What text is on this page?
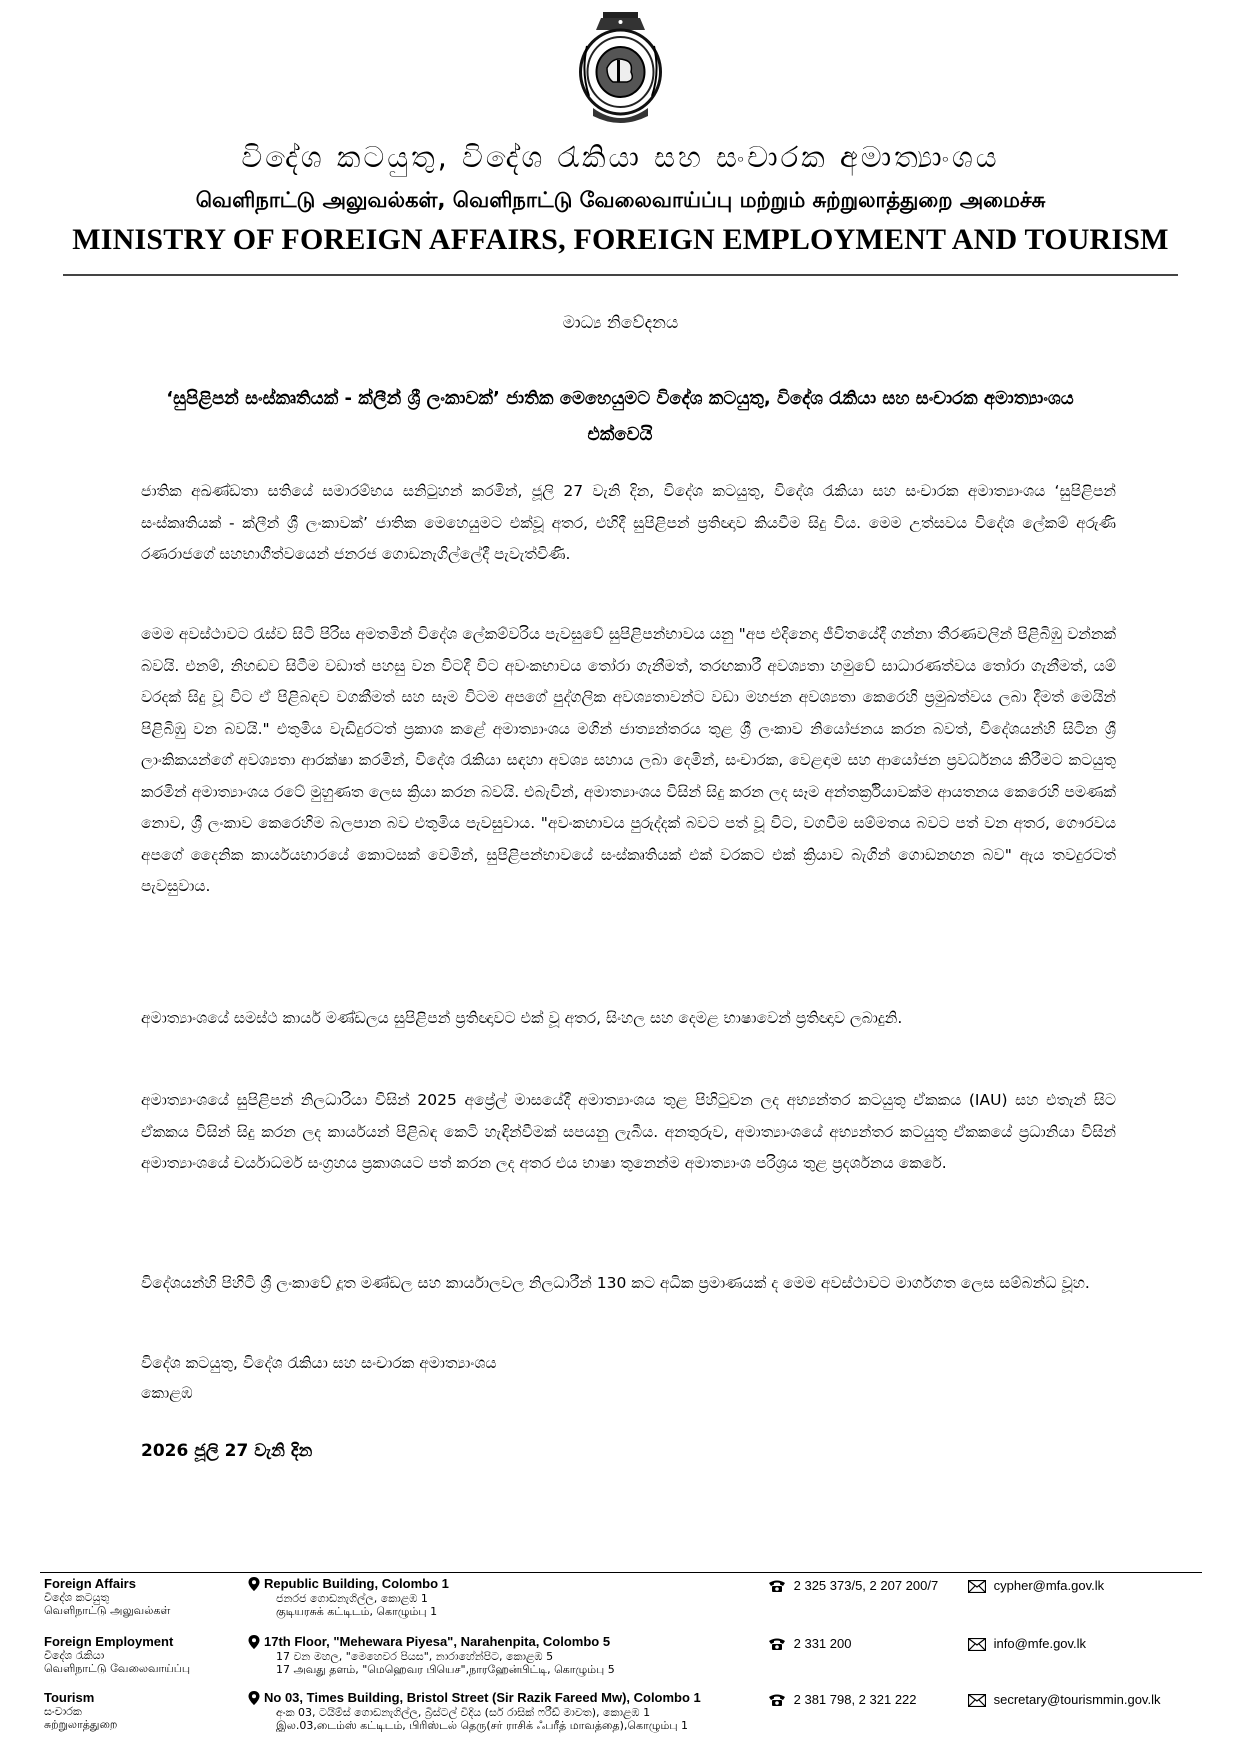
විදේශ කටයුතු, විදේශ රැකියා සහ සංචාරක අමාත්‍යාංශය
வெளிநாட்டு அலுவல்கள், வெளிநாட்டு வேலைவாய்ப்பு மற்றும் சுற்றுலாத்துறை அமைச்சு
MINISTRY OF FOREIGN AFFAIRS, FOREIGN EMPLOYMENT AND TOURISM
මාධ්‍ය නිවේදනය
‘සුපිළිපන් සංස්කෘතියක් - ක්ලීන් ශ්‍රී ලංකාවක්’ ජාතික මෙහෙයුමට විදේශ කටයුතු, විදේශ රැකියා සහ සංචාරක අමාත්‍යාංශය එක්වෙයි
ජාතික අඛණ්ඩතා සතියේ සමාරම්භය සනිටුහන් කරමින්, ජූලි 27 වැනි දින, විදේශ කටයුතු, විදේශ රැකියා සහ සංචාරක අමාත්‍යාංශය ‘සුපිළිපන් සංස්කෘතියක් - ක්ලීන් ශ්‍රී ලංකාවක්’ ජාතික මෙහෙයුමට එක්වූ අතර, එහිදී සුපිළිපන් ප්‍රතිඥාව කියවීම සිදු විය. මෙම උත්සවය විදේශ ලේකම් අරුණි රණරාජගේ සහභාගීත්වයෙන් ජනරජ ගොඩනැගිල්ලේදී පැවැත්විණි.
මෙම අවස්ථාවට රැස්ව සිටි පිරිස අමතමින් විදේශ ලේකම්වරිය පැවසුවේ සුපිළිපන්භාවය යනු "අප එදිනෙදා ජීවිතයේදී ගන්නා තීරණවලින් පිළිබිඹු වන්නක් බවයි. එනම්, නිහඬව සිටීම වඩාත් පහසු වන විටදී විට අවංකභාවය තෝරා ගැනීමත්, තරඟකාරී අවශ්‍යතා හමුවේ සාධාරණත්වය තෝරා ගැනීමත්, යම් වරදක් සිදු වූ විට ඒ පිළිබඳව වගකීමත් සහ සෑම විටම අපගේ පුද්ගලික අවශ්‍යතාවන්ට වඩා මහජන අවශ්‍යතා කෙරෙහි ප්‍රමුඛත්වය ලබා දීමත් මෙයින් පිළිබිඹු වන බවයි." එතුමිය වැඩිදුරටත් ප්‍රකාශ කළේ අමාත්‍යාංශය මගින් ජාත්‍යන්තරය තුළ ශ්‍රී ලංකාව නියෝජනය කරන බවත්, විදේශයන්හි සිටින ශ්‍රී ලාංකිකයන්ගේ අවශ්‍යතා ආරක්ෂා කරමින්, විදේශ රැකියා සඳහා අවශ්‍ය සහාය ලබා දෙමින්, සංචාරක, වෙළඳාම සහ ආයෝජන ප්‍රවර්ධනය කිරීමට කටයුතු කරමින් අමාත්‍යාංශය රටේ මුහුණත ලෙස ක්‍රියා කරන බවයි. එබැවින්, අමාත්‍යාංශය විසින් සිදු කරන ලද සෑම අන්තර්ක්‍රියාවක්ම ආයතනය කෙරෙහි පමණක් නොව, ශ්‍රී ලංකාව කෙරෙහිම බලපාන බව එතුමිය පැවසුවාය. "අවංකභාවය පුරුද්දක් බවට පත් වූ විට, වගවීම සම්මතය බවට පත් වන අතර, ගෞරවය අපගේ දෛනික කාර්යයභාරයේ කොටසක් වෙමින්, සුපිළිපන්භාවයේ සංස්කෘතියක් එක් වරකට එක් ක්‍රියාව බැගින් ගොඩනඟන බව" ඇය තවදුරටත් පැවසුවාය.
අමාත්‍යාංශයේ සමස්ථ කාර්ය මණ්ඩලය සුපිළිපන් ප්‍රතිඥාවට එක් වූ අතර, සිංහල සහ දෙමළ භාෂාවෙන් ප්‍රතිඥාව ලබාදුනි.
අමාත්‍යාංශයේ සුපිළිපන් නිලධාරියා විසින් 2025 අප්‍රේල් මාසයේදී අමාත්‍යාංශය තුළ පිහිටුවන ලද අභ්‍යන්තර කටයුතු ඒකකය (IAU) සහ එතැන් සිට ඒකකය විසින් සිදු කරන ලද කාර්යයන් පිළිබඳ කෙටි හැඳින්වීමක් සපයනු ලැබීය. අනතුරුව, අමාත්‍යාංශයේ අභ්‍යන්තර කටයුතු ඒකකයේ ප්‍රධානියා විසින් අමාත්‍යාංශයේ චර්යාධර්ම සංග්‍රහය ප්‍රකාශයට පත් කරන ලද අතර එය භාෂා තුනෙන්ම අමාත්‍යාංශ පරිශ්‍රය තුළ ප්‍රදර්ශනය කෙරේ.
විදේශයන්හි පිහිටි ශ්‍රී ලංකාවේ දූත මණ්ඩල සහ කාර්යාලවල නිලධාරීන් 130 කට අධික ප්‍රමාණයක් ද මෙම අවස්ථාවට මාර්ගගත ලෙස සම්බන්ධ වූහ.
විදේශ කටයුතු, විදේශ රැකියා සහ සංචාරක අමාත්‍යාංශය
කොළඹ
2026 ජූලි 27 වැනි දින
Foreign Affairs
විදේශ කටයුතු
வெளிநாட்டு அலுவல்கள்
Republic Building, Colombo 1
ජනරජ ගොඩනැගිල්ල, කොළඹ 1
குடியரசுக் கட்டிடம், கொழும்பு 1
2 325 373/5, 2 207 200/7	cypher@mfa.gov.lk
Foreign Employment
විදේශ රැකියා
வெளிநாட்டு வேலைவாய்ப்பு
17th Floor, "Mehewara Piyesa", Narahenpita, Colombo 5
17 වන මහල, "මෙහෙවර පියස", නාරාහේන්පිට, කොළඹ 5
17 அவது தளம், "மெஹெவர பியெச",நாரஹேன்பிட்டி, கொழும்பு 5
2 331 200	info@mfe.gov.lk
Tourism
සංචාරක
சுற்றுலாத்துறை
No 03, Times Building, Bristol Street (Sir Razik Fareed Mw), Colombo 1
අංක 03, ටයිම්ස් ගොඩනැගිල්ල, බ්‍රිස්ටල් වීදිය (සර් රාසික් ෆරීඩ් මාවත), කොළඹ 1
இல.03,டைம்ஸ் கட்டிடம், பிரிஸ்டல் தெரு(சர் ராசிக் ஃபரீத் மாவத்தை),கொழும்பு 1
2 381 798, 2 321 222	secretary@tourismmin.gov.lk
